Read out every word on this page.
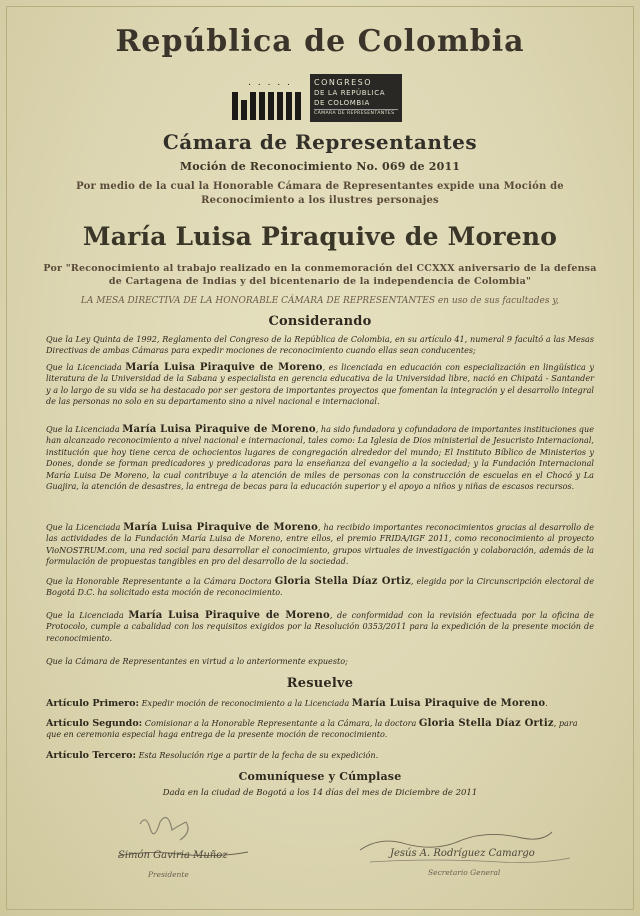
República de Colombia
. . . . .	CONGRESO
DE LA REPÚBLICA
DE COLOMBIA
CÁMARA DE REPRESENTANTES
Cámara de Representantes
Moción de Reconocimiento No. 069 de 2011
Por medio de la cual la Honorable Cámara de Representantes expide una Moción de Reconocimiento a los ilustres personajes
María Luisa Piraquive de Moreno
Por "Reconocimiento al trabajo realizado en la conmemoración del CCXXX aniversario de la defensa de Cartagena de Indias y del bicentenario de la independencia de Colombia"
LA MESA DIRECTIVA DE LA HONORABLE CÁMARA DE REPRESENTANTES en uso de sus facultades y,
Considerando
Que la Ley Quinta de 1992, Reglamento del Congreso de la República de Colombia, en su artículo 41, numeral 9 facultó a las Mesas Directivas de ambas Cámaras para expedir mociones de reconocimiento cuando ellas sean conducentes;
Que la Licenciada María Luisa Piraquive de Moreno, es licenciada en educación con especialización en lingüística y literatura de la Universidad de la Sabana y especialista en gerencia educativa de la Universidad libre, nació en Chipatá - Santander y a lo largo de su vida se ha destacado por ser gestora de importantes proyectos que fomentan la integración y el desarrollo integral de las personas no solo en su departamento sino a nivel nacional e internacional.
Que la Licenciada María Luisa Piraquive de Moreno, ha sido fundadora y cofundadora de importantes instituciones que han alcanzado reconocimiento a nivel nacional e internacional, tales como: La Iglesia de Dios ministerial de Jesucristo Internacional, institución que hoy tiene cerca de ochocientos lugares de congregación alrededor del mundo; El Instituto Bíblico de Ministerios y Dones, donde se forman predicadores y predicadoras para la enseñanza del evangelio a la sociedad; y la Fundación Internacional María Luisa De Moreno, la cual contribuye a la atención de miles de personas con la construcción de escuelas en el Chocó y La Guajira, la atención de desastres, la entrega de becas para la educación superior y el apoyo a niños y niñas de escasos recursos.
Que la Licenciada María Luisa Piraquive de Moreno, ha recibido importantes reconocimientos gracias al desarrollo de las actividades de la Fundación María Luisa de Moreno, entre ellos, el premio FRIDA/IGF 2011, como reconocimiento al proyecto VioNOSTRUM.com, una red social para desarrollar el conocimiento, grupos virtuales de investigación y colaboración, además de la formulación de propuestas tangibles en pro del desarrollo de la sociedad.
Que la Honorable Representante a la Cámara Doctora Gloria Stella Díaz Ortiz, elegida por la Circunscripción electoral de Bogotá D.C. ha solicitado esta moción de reconocimiento.
Que la Licenciada María Luisa Piraquive de Moreno, de conformidad con la revisión efectuada por la oficina de Protocolo, cumple a cabalidad con los requisitos exigidos por la Resolución 0353/2011 para la expedición de la presente moción de reconocimiento.
Que la Cámara de Representantes en virtud a lo anteriormente expuesto;
Resuelve
Artículo Primero: Expedir moción de reconocimiento a la Licenciada María Luisa Piraquive de Moreno.
Artículo Segundo: Comisionar a la Honorable Representante a la Cámara, la doctora Gloria Stella Díaz Ortiz, para que en ceremonia especial haga entrega de la presente moción de reconocimiento.
Artículo Tercero: Esta Resolución rige a partir de la fecha de su expedición.
Comuníquese y Cúmplase
Dada en la ciudad de Bogotá a los 14 días del mes de Diciembre de 2011
Simón Gaviria Muñoz
Presidente
Jesús A. Rodríguez Camargo
Secretario General
